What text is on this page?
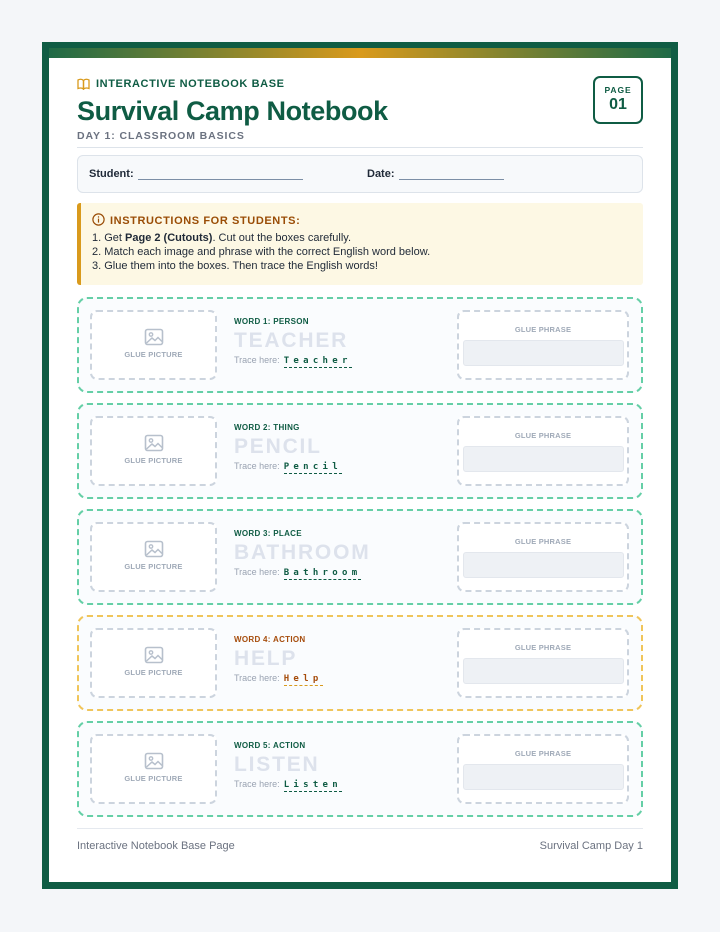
INTERACTIVE NOTEBOOK BASE
Survival Camp Notebook
DAY 1: CLASSROOM BASICS
PAGE
01
Student:	Date:
INSTRUCTIONS FOR STUDENTS:
1. Get Page 2 (Cutouts). Cut out the boxes carefully.
2. Match each image and phrase with the correct English word below.
3. Glue them into the boxes. Then trace the English words!
GLUE PICTURE
WORD 1: PERSON
TEACHER
Trace here: Teacher
GLUE PHRASE
GLUE PICTURE
WORD 2: THING
PENCIL
Trace here: Pencil
GLUE PHRASE
GLUE PICTURE
WORD 3: PLACE
BATHROOM
Trace here: Bathroom
GLUE PHRASE
GLUE PICTURE
WORD 4: ACTION
HELP
Trace here: Help
GLUE PHRASE
GLUE PICTURE
WORD 5: ACTION
LISTEN
Trace here: Listen
GLUE PHRASE
Interactive Notebook Base Page	Survival Camp Day 1
